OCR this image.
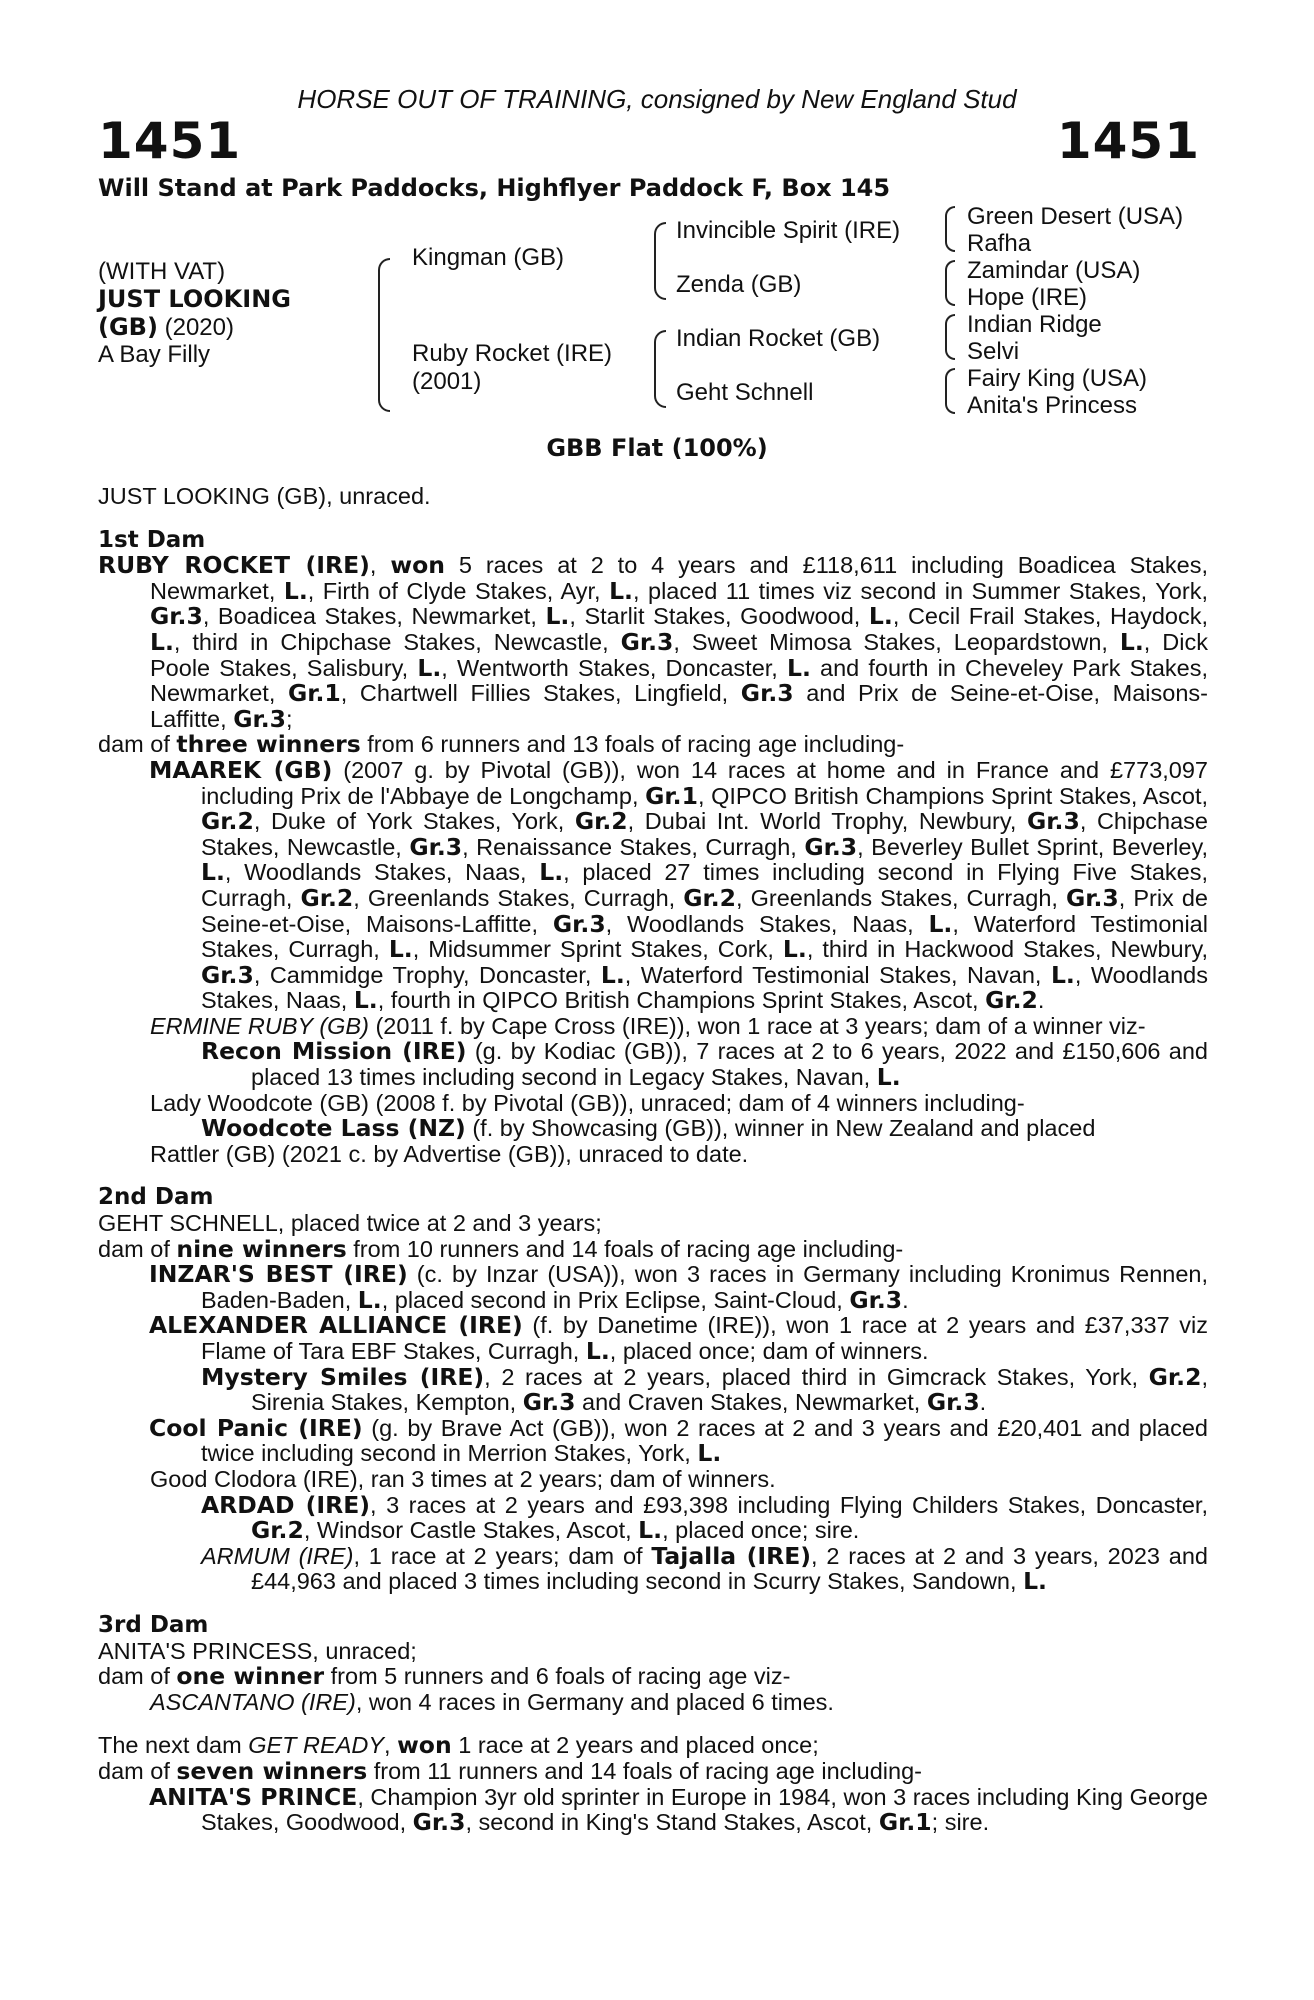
HORSE OUT OF TRAINING, consigned by New England Stud
1451	1451
Will Stand at Park Paddocks, Highflyer Paddock F, Box 145
(WITH VAT)
JUST LOOKING
(GB) (2020)
A Bay Filly
Kingman (GB)
Ruby Rocket (IRE)
(2001)
Invincible Spirit (IRE)
Zenda (GB)
Indian Rocket (GB)
Geht Schnell
Green Desert (USA)
Rafha
Zamindar (USA)
Hope (IRE)
Indian Ridge
Selvi
Fairy King (USA)
Anita's Princess
GBB Flat (100%)

JUST LOOKING (GB), unraced.

1st Dam

RUBY ROCKET (IRE), won 5 races at 2 to 4 years and £118,611 including Boadicea Stakes, Newmarket, L., Firth of Clyde Stakes, Ayr, L., placed 11 times viz second in Summer Stakes, York, Gr.3, Boadicea Stakes, Newmarket, L., Starlit Stakes, Goodwood, L., Cecil Frail Stakes, Haydock, L., third in Chipchase Stakes, Newcastle, Gr.3, Sweet Mimosa Stakes, Leopardstown, L., Dick Poole Stakes, Salisbury, L., Wentworth Stakes, Doncaster, L. and fourth in Cheveley Park Stakes, Newmarket, Gr.1, Chartwell Fillies Stakes, Lingfield, Gr.3 and Prix de Seine-et-Oise, Maisons-Laffitte, Gr.3;

dam of three winners from 6 runners and 13 foals of racing age including-

MAAREK (GB) (2007 g. by Pivotal (GB)), won 14 races at home and in France and £773,097 including Prix de l'Abbaye de Longchamp, Gr.1, QIPCO British Champions Sprint Stakes, Ascot, Gr.2, Duke of York Stakes, York, Gr.2, Dubai Int. World Trophy, Newbury, Gr.3, Chipchase Stakes, Newcastle, Gr.3, Renaissance Stakes, Curragh, Gr.3, Beverley Bullet Sprint, Beverley, L., Woodlands Stakes, Naas, L., placed 27 times including second in Flying Five Stakes, Curragh, Gr.2, Greenlands Stakes, Curragh, Gr.2, Greenlands Stakes, Curragh, Gr.3, Prix de Seine-et-Oise, Maisons-Laffitte, Gr.3, Woodlands Stakes, Naas, L., Waterford Testimonial Stakes, Curragh, L., Midsummer Sprint Stakes, Cork, L., third in Hackwood Stakes, Newbury, Gr.3, Cammidge Trophy, Doncaster, L., Waterford Testimonial Stakes, Navan, L., Woodlands Stakes, Naas, L., fourth in QIPCO British Champions Sprint Stakes, Ascot, Gr.2.

ERMINE RUBY (GB) (2011 f. by Cape Cross (IRE)), won 1 race at 3 years; dam of a winner viz-

Recon Mission (IRE) (g. by Kodiac (GB)), 7 races at 2 to 6 years, 2022 and £150,606 and placed 13 times including second in Legacy Stakes, Navan, L.

Lady Woodcote (GB) (2008 f. by Pivotal (GB)), unraced; dam of 4 winners including-

Woodcote Lass (NZ) (f. by Showcasing (GB)), winner in New Zealand and placed

Rattler (GB) (2021 c. by Advertise (GB)), unraced to date.

2nd Dam

GEHT SCHNELL, placed twice at 2 and 3 years;

dam of nine winners from 10 runners and 14 foals of racing age including-

INZAR'S BEST (IRE) (c. by Inzar (USA)), won 3 races in Germany including Kronimus Rennen, Baden-Baden, L., placed second in Prix Eclipse, Saint-Cloud, Gr.3.

ALEXANDER ALLIANCE (IRE) (f. by Danetime (IRE)), won 1 race at 2 years and £37,337 viz Flame of Tara EBF Stakes, Curragh, L., placed once; dam of winners.

Mystery Smiles (IRE), 2 races at 2 years, placed third in Gimcrack Stakes, York, Gr.2, Sirenia Stakes, Kempton, Gr.3 and Craven Stakes, Newmarket, Gr.3.

Cool Panic (IRE) (g. by Brave Act (GB)), won 2 races at 2 and 3 years and £20,401 and placed twice including second in Merrion Stakes, York, L.

Good Clodora (IRE), ran 3 times at 2 years; dam of winners.

ARDAD (IRE), 3 races at 2 years and £93,398 including Flying Childers Stakes, Doncaster, Gr.2, Windsor Castle Stakes, Ascot, L., placed once; sire.

ARMUM (IRE), 1 race at 2 years; dam of Tajalla (IRE), 2 races at 2 and 3 years, 2023 and £44,963 and placed 3 times including second in Scurry Stakes, Sandown, L.

3rd Dam

ANITA'S PRINCESS, unraced;

dam of one winner from 5 runners and 6 foals of racing age viz-

ASCANTANO (IRE), won 4 races in Germany and placed 6 times.

The next dam GET READY, won 1 race at 2 years and placed once;

dam of seven winners from 11 runners and 14 foals of racing age including-

ANITA'S PRINCE, Champion 3yr old sprinter in Europe in 1984, won 3 races including King George Stakes, Goodwood, Gr.3, second in King's Stand Stakes, Ascot, Gr.1; sire.
